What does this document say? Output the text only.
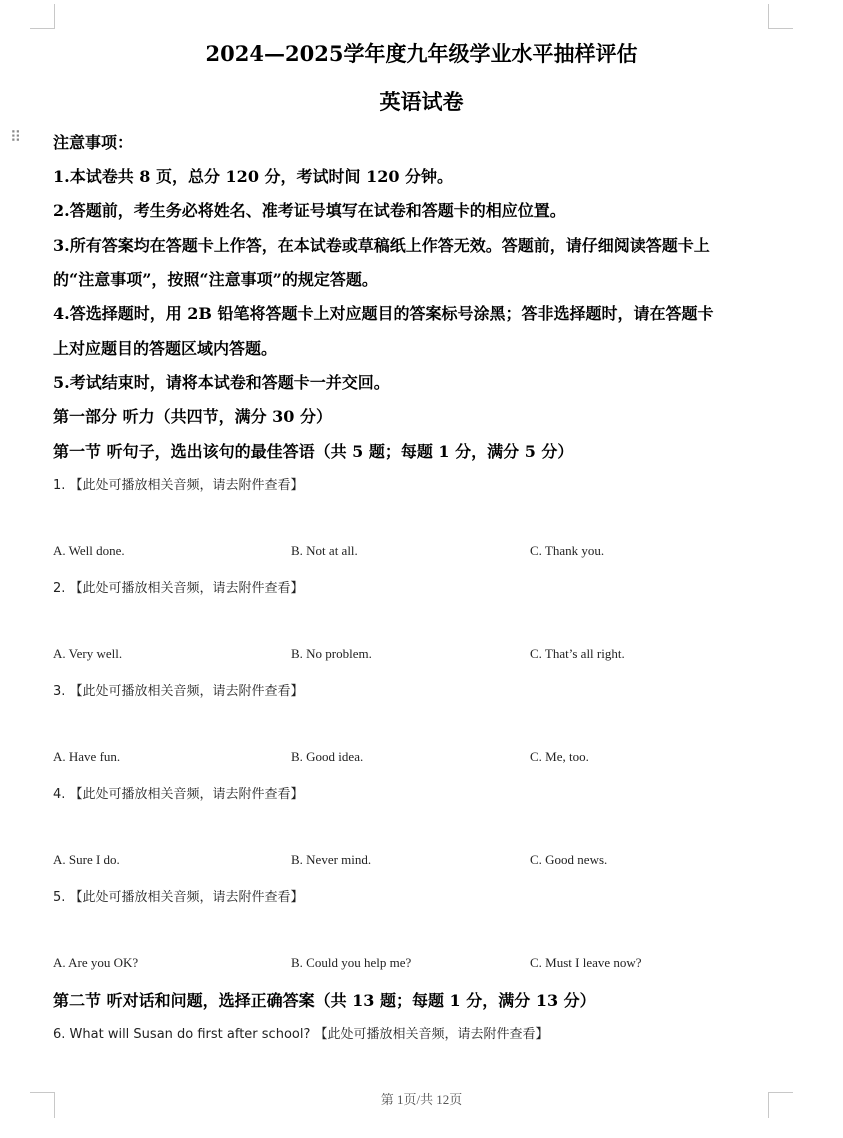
2024—2025学年度九年级学业水平抽样评估
英语试卷
⠿ 注意事项：
1.本试卷共 8 页，总分 120 分，考试时间 120 分钟。
2.答题前，考生务必将姓名、准考证号填写在试卷和答题卡的相应位置。
3.所有答案均在答题卡上作答，在本试卷或草稿纸上作答无效。答题前，请仔细阅读答题卡上
的“注意事项”，按照“注意事项”的规定答题。
4.答选择题时，用 2B 铅笔将答题卡上对应题目的答案标号涂黑；答非选择题时，请在答题卡
上对应题目的答题区域内答题。
5.考试结束时，请将本试卷和答题卡一并交回。
第一部分 听力（共四节，满分 30 分）
第一节 听句子，选出该句的最佳答语（共 5 题；每题 1 分，满分 5 分）
1. 【此处可播放相关音频，请去附件查看】
A. Well done.	B. Not at all.	C. Thank you.
2. 【此处可播放相关音频，请去附件查看】
A. Very well.	B. No problem.	C. That’s all right.
3. 【此处可播放相关音频，请去附件查看】
A. Have fun.	B. Good idea.	C. Me, too.
4. 【此处可播放相关音频，请去附件查看】
A. Sure I do.	B. Never mind.	C. Good news.
5. 【此处可播放相关音频，请去附件查看】
A. Are you OK?	B. Could you help me?	C. Must I leave now?
第二节 听对话和问题，选择正确答案（共 13 题；每题 1 分，满分 13 分）
6. What will Susan do first after school? 【此处可播放相关音频，请去附件查看】
第 1页/共 12页
